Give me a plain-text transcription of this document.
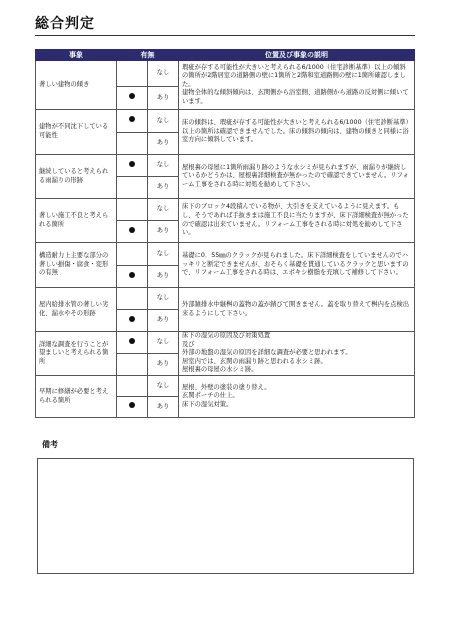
総合判定
事象	有無		位置及び事象の説明
著しい建物の傾き		なし	瑕疵が存する可能性が大きいと考えられる6/1000（住宅診断基準）以上の傾斜の箇所が2階居室の道路側の壁に1箇所と2階和室道路側の壁に1箇所確認しました。
建物全体的な傾斜傾向は、玄関側から浴室側、道路側から道路の反対側に傾いています。
		あり	
建物が不同沈下している可能性		なし	床の傾斜は、瑕疵が存する可能性が大きいと考えられる6/1000（住宅診断基準）以上の箇所は確認できませんでした。床の傾斜の傾向は、建物の傾きと同様に浴室方向に傾斜しています。
		あり	
継続していると考えられる雨漏りの形跡		なし	屋根裏の母屋に1箇所雨漏り跡のような水シミが見られますが、雨漏りが継続しているかどうかは、屋根裏詳細検査が無かったので確認できていません。リフォーム工事をされる時に対処を勧めして下さい。
		あり	
著しい施工不良と考えられる箇所		なし	床下のブロック4段積んでいる物が、大引きを支えているように見えます。もし、そうであれば手抜きまは施工不良に当たりますが、床下詳細検査が無かったので確認は出来ていません。リフォーム工事をされる時に対処を勧めして下さい。
		あり	
構造耐力上主要な部分の著しい損傷・腐食・変形の有無		なし	基礎に0．55㎜のクラックが見られました。床下詳細検査をしていませんのでハッキリと断定できませんが、おそらく基礎を貫通しているクラックと思いますので、リフォーム工事をされる時は、エポキシ樹脂を充填して補修して下さい。
		あり	
屋内給排水管の著しい劣化、漏水やその形跡		なし	外部雑排水中継桝の蓋物の蓋が錆びて開きません。蓋を取り替えて桝内を点検出来るようにして下さい。
		あり	
詳細な調査を行うことが望ましいと考えられる箇所		なし	床下の湿気の原因及び対策処置
及び
外部の地盤の湿気の原因を詳細な調査が必要と思われます。
居室内では、玄関の雨漏り跡と思われる水シミ跡。
屋根裏の母屋の水シミ跡。
		あり	
早期に修繕が必要と考えられる箇所		なし	屋根、外壁の塗装の塗り替え。
玄関ポーチの仕上。
床下の湿気対策。
		あり	
備考
